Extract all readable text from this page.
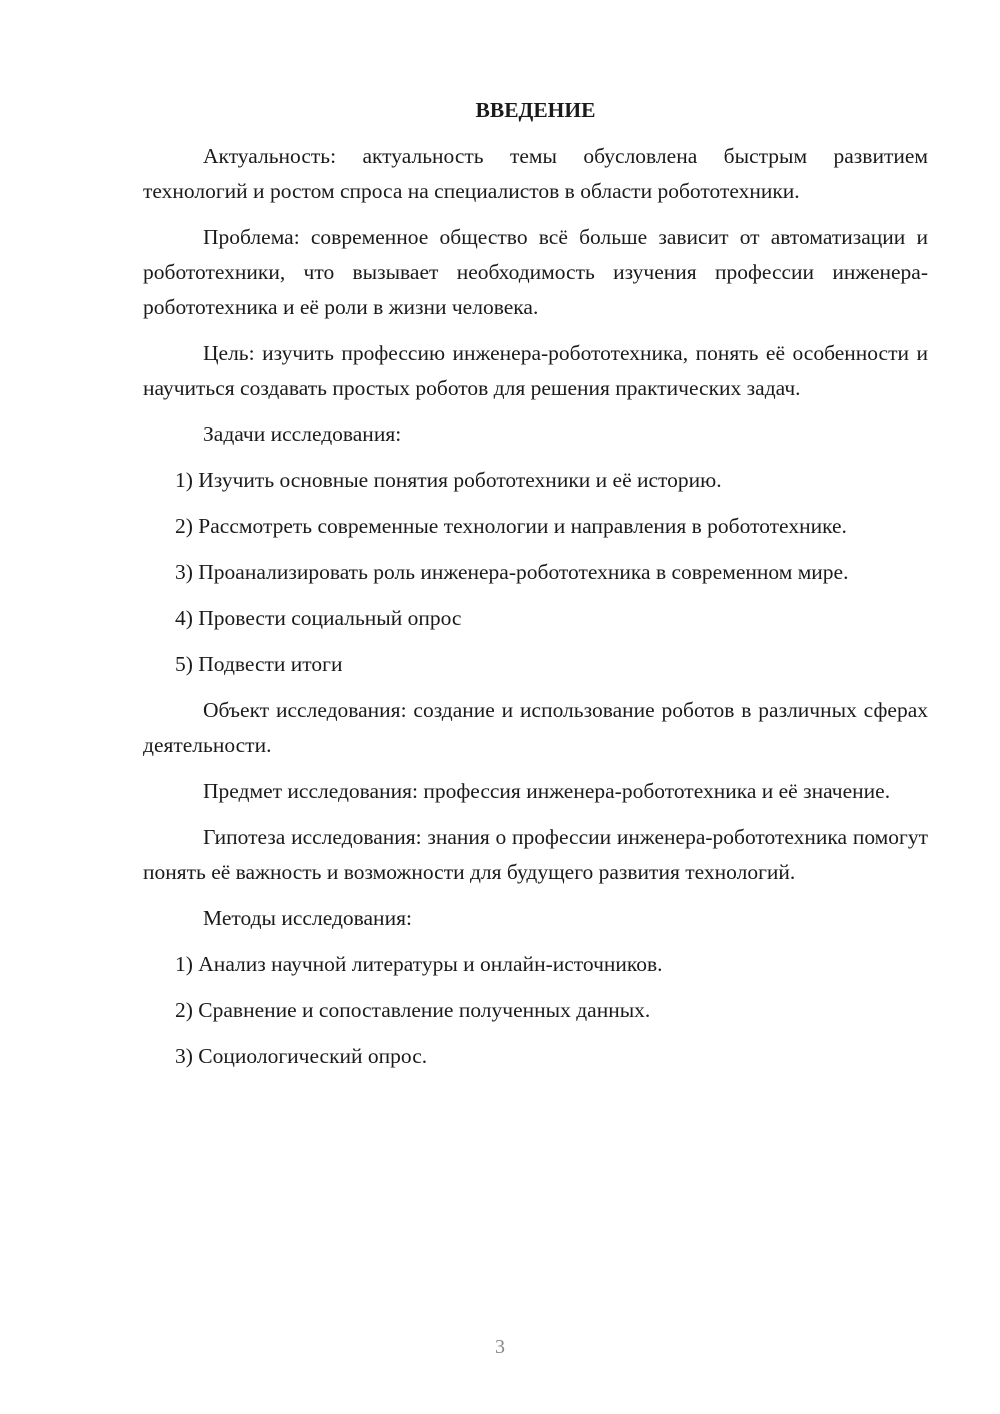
ВВЕДЕНИЕ
Актуальность: актуальность темы обусловлена быстрым развитием технологий и ростом спроса на специалистов в области робототехники.
Проблема: современное общество всё больше зависит от автоматизации и робототехники, что вызывает необходимость изучения профессии инженера-робототехника и её роли в жизни человека.
Цель: изучить профессию инженера-робототехника, понять её особенности и научиться создавать простых роботов для решения практических задач.
Задачи исследования:
1) Изучить основные понятия робототехники и её историю.
2) Рассмотреть современные технологии и направления в робототехнике.
3) Проанализировать роль инженера-робототехника в современном мире.
4) Провести социальный опрос
5) Подвести итоги
Объект исследования: создание и использование роботов в различных сферах деятельности.
Предмет исследования: профессия инженера-робототехника и её значение.
Гипотеза исследования: знания о профессии инженера-робототехника помогут понять её важность и возможности для будущего развития технологий.
Методы исследования:
1) Анализ научной литературы и онлайн-источников.
2) Сравнение и сопоставление полученных данных.
3) Социологический опрос.
3
